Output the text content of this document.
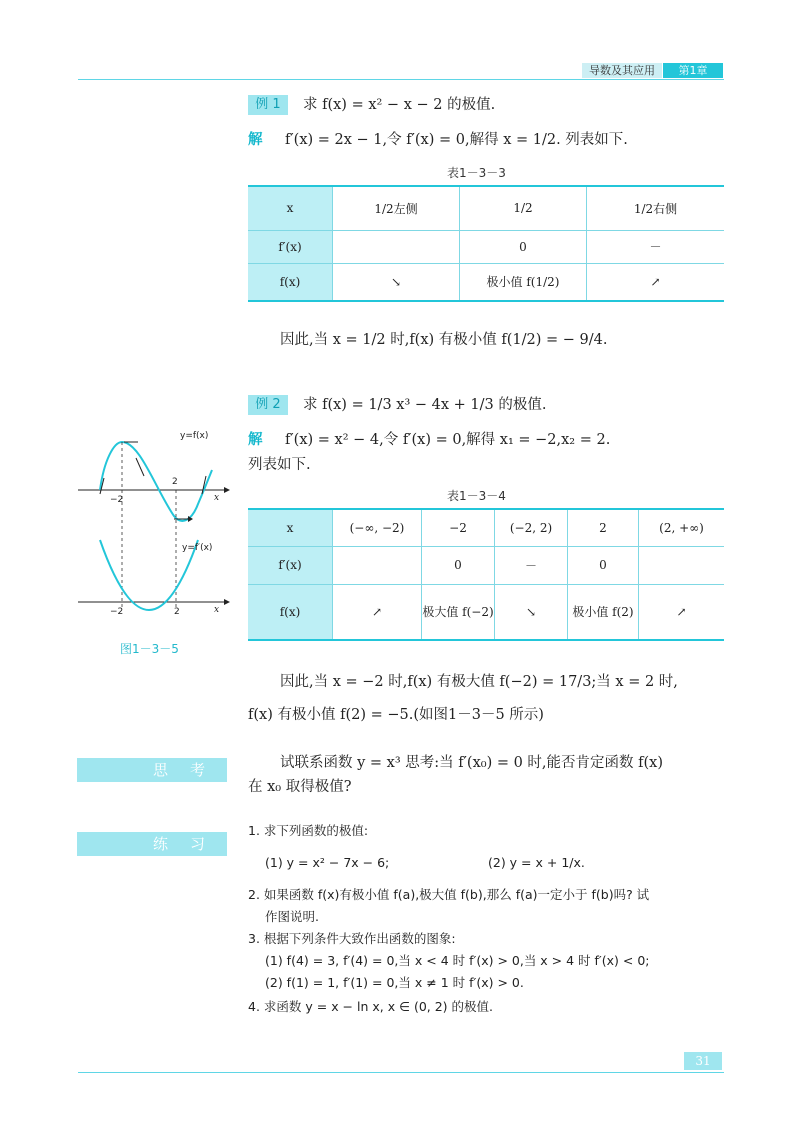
导数及其应用	第1章
例 1	求 f(x) = x² − x − 2 的极值.
解 f′(x) = 2x − 1,令 f′(x) = 0,解得 x = 1/2. 列表如下.
表1－3－3
x	1/2左侧	1/2	1/2右侧
f′(x)		0	－
f(x)	↘	极小值 f(1/2)	↗
因此,当 x = 1/2 时,f(x) 有极小值 f(1/2) = − 9/4.
例 2	求 f(x) = 1/3 x³ − 4x + 1/3 的极值.
解 f′(x) = x² − 4,令 f′(x) = 0,解得 x₁ = −2,x₂ = 2.
列表如下.
表1－3－4
x	(−∞, −2)	−2	(−2, 2)	2	(2, +∞)
f′(x)		0	－	0	
f(x)	↗	极大值 f(−2)	↘	极小值 f(2)	↗
因此,当 x = −2 时,f(x) 有极大值 f(−2) = 17/3;当 x = 2 时,
f(x) 有极小值 f(2) = −5.(如图1－3－5 所示)
y=f(x)
y=f′(x)
−2
2
x
−2	2	x
图1－3－5
思考	试联系函数 y = x³ 思考:当 f′(x₀) = 0 时,能否肯定函数 f(x)
在 x₀ 取得极值?
练习
1. 求下列函数的极值:
(1) y = x² − 7x − 6;	(2) y = x + 1/x.
2. 如果函数 f(x)有极小值 f(a),极大值 f(b),那么 f(a)一定小于 f(b)吗? 试
作图说明.
3. 根据下列条件大致作出函数的图象:
(1) f(4) = 3, f′(4) = 0,当 x < 4 时 f′(x) > 0,当 x > 4 时 f′(x) < 0;
(2) f(1) = 1, f′(1) = 0,当 x ≠ 1 时 f′(x) > 0.
4. 求函数 y = x − ln x, x ∈ (0, 2) 的极值.
31
